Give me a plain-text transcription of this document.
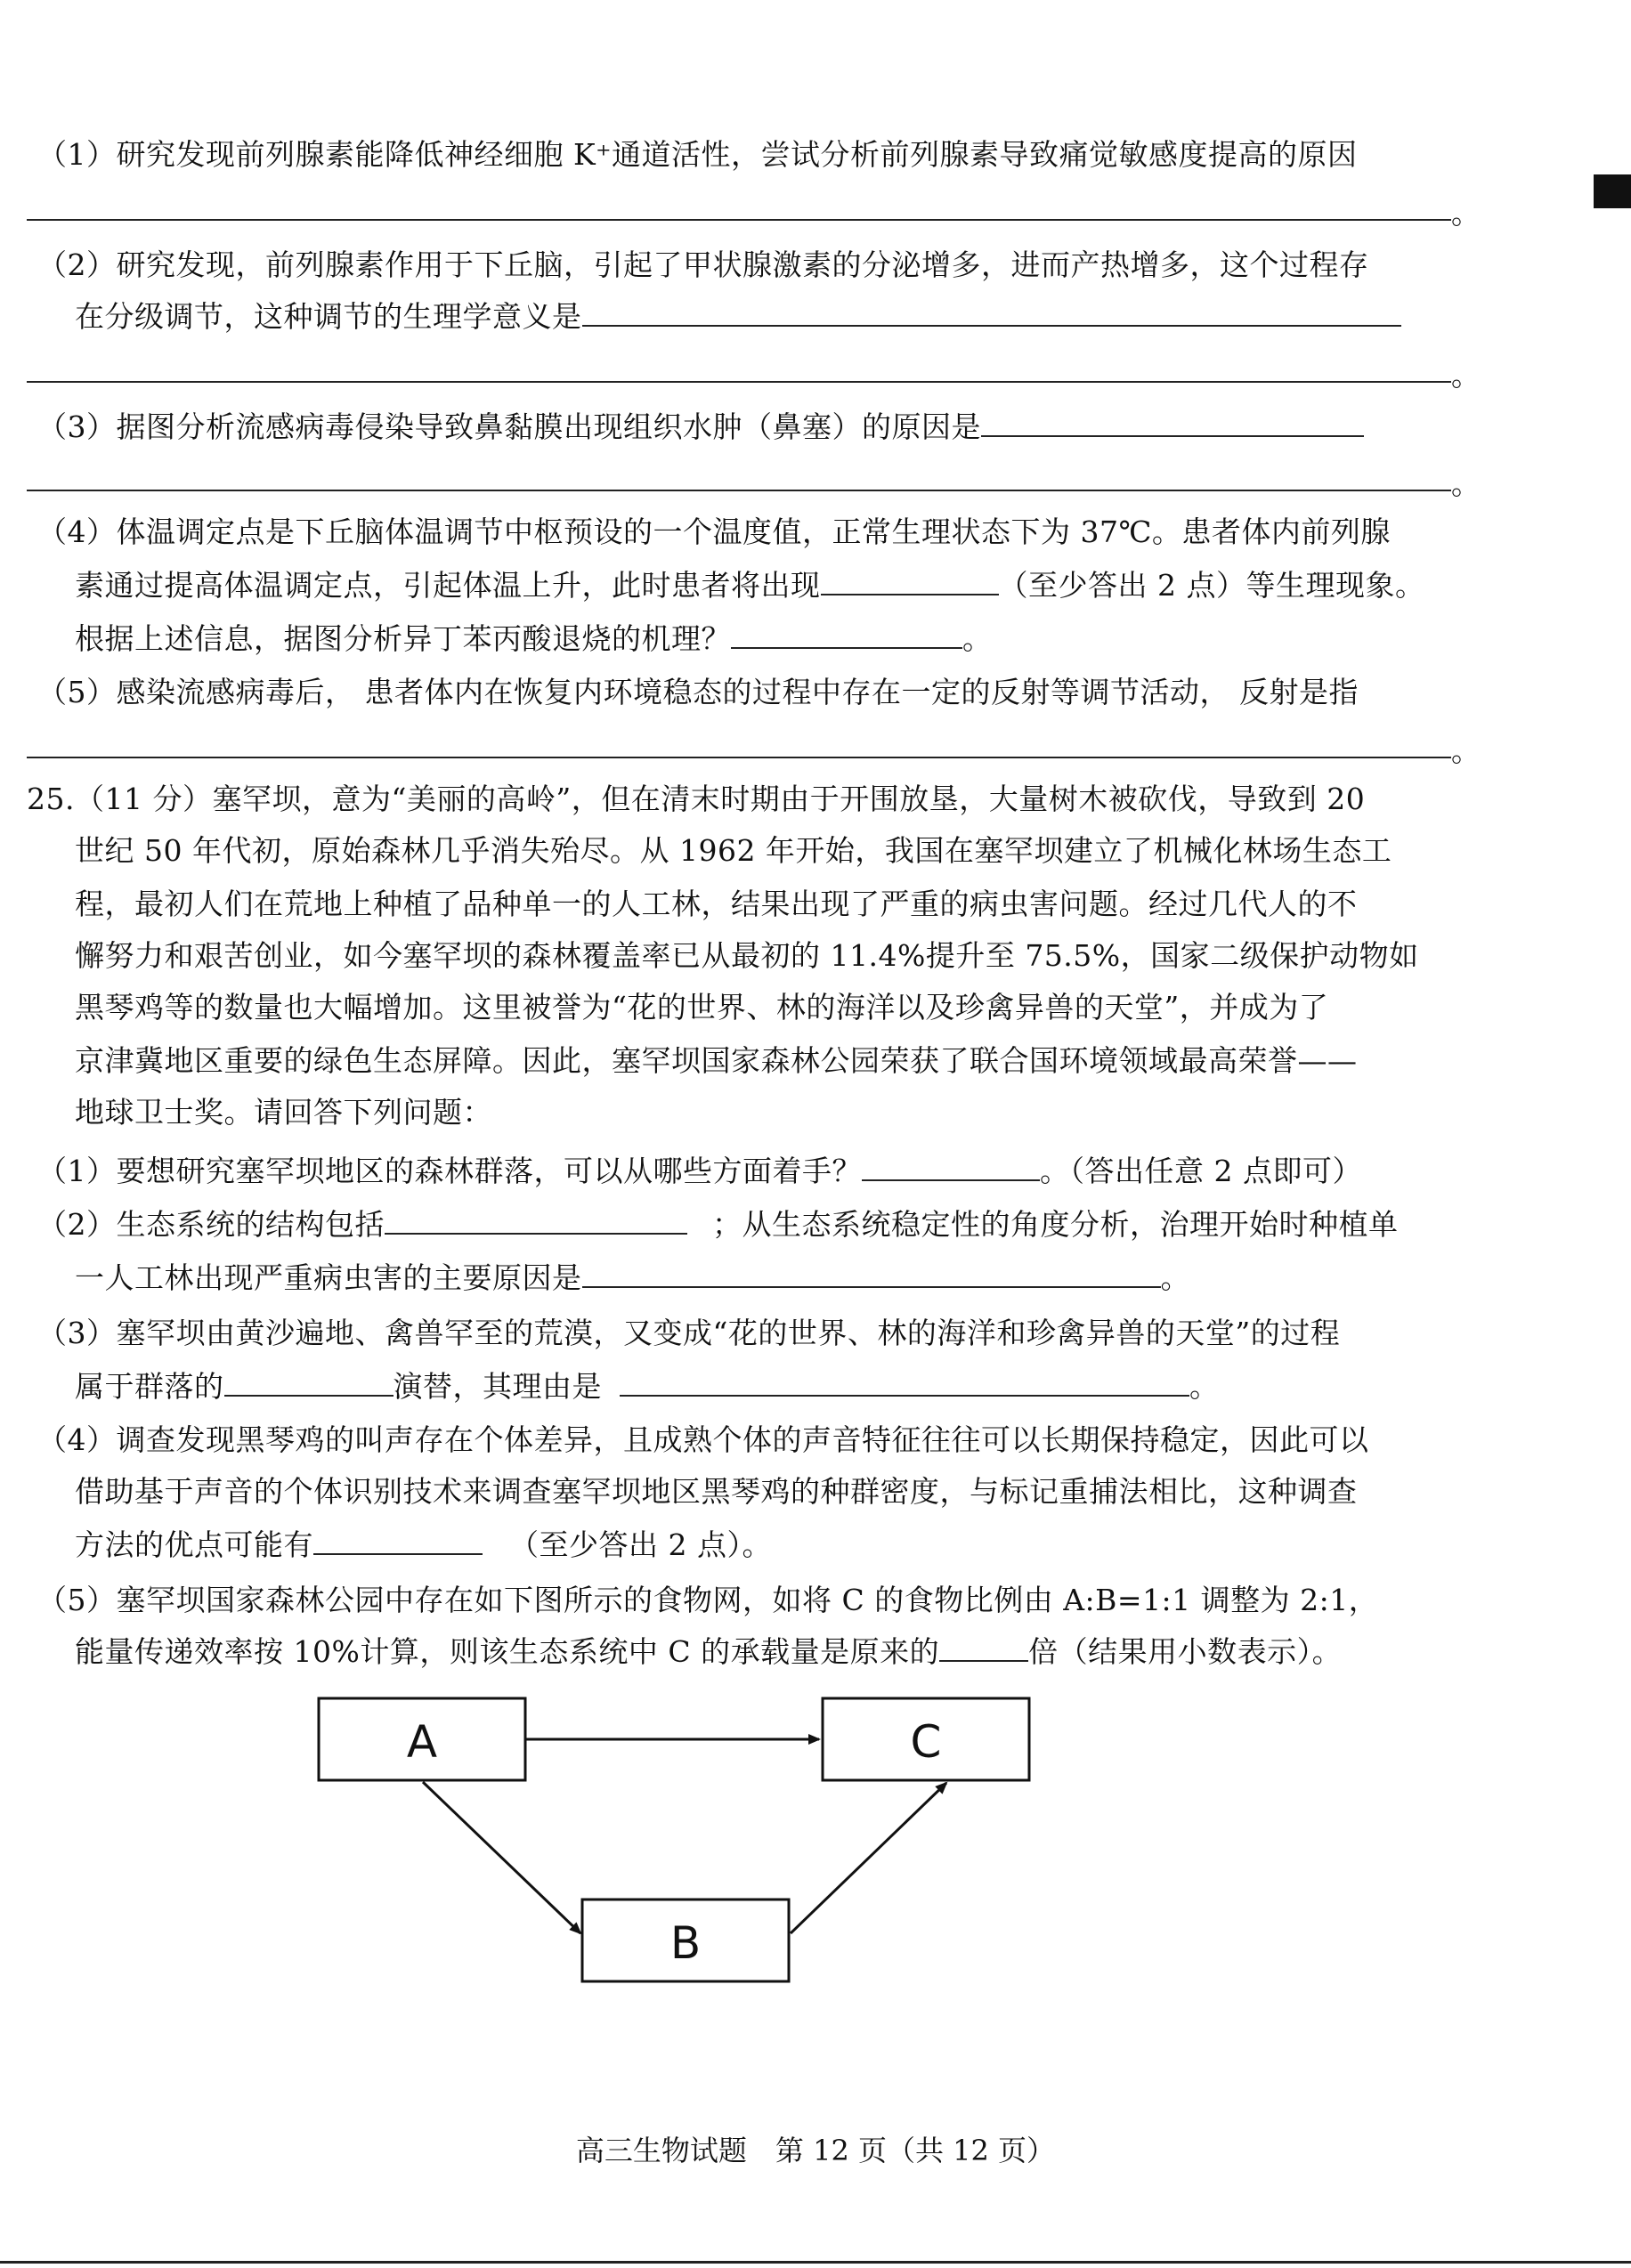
（1）研究发现前列腺素能降低神经细胞 K⁺通道活性，尝试分析前列腺素导致痛觉敏感度提高的原因
。
（2）研究发现，前列腺素作用于下丘脑，引起了甲状腺激素的分泌增多，进而产热增多，这个过程存
在分级调节，这种调节的生理学意义是
。
（3）据图分析流感病毒侵染导致鼻黏膜出现组织水肿（鼻塞）的原因是
。
（4）体温调定点是下丘脑体温调节中枢预设的一个温度值，正常生理状态下为 37℃。患者体内前列腺
素通过提高体温调定点，引起体温上升，此时患者将出现	（至少答出 2 点）等生理现象。
根据上述信息，据图分析异丁苯丙酸退烧的机理？	。
（5）感染流感病毒后， 患者体内在恢复内环境稳态的过程中存在一定的反射等调节活动， 反射是指
。
25.（11 分）塞罕坝，意为“美丽的高岭”，但在清末时期由于开围放垦，大量树木被砍伐，导致到 20
世纪 50 年代初，原始森林几乎消失殆尽。从 1962 年开始，我国在塞罕坝建立了机械化林场生态工
程，最初人们在荒地上种植了品种单一的人工林，结果出现了严重的病虫害问题。经过几代人的不
懈努力和艰苦创业，如今塞罕坝的森林覆盖率已从最初的 11.4%提升至 75.5%，国家二级保护动物如
黑琴鸡等的数量也大幅增加。这里被誉为“花的世界、林的海洋以及珍禽异兽的天堂”，并成为了
京津冀地区重要的绿色生态屏障。因此，塞罕坝国家森林公园荣获了联合国环境领域最高荣誉——
地球卫士奖。请回答下列问题：
（1）要想研究塞罕坝地区的森林群落，可以从哪些方面着手？	。（答出任意 2 点即可）
（2）生态系统的结构包括	；从生态系统稳定性的角度分析，治理开始时种植单
一人工林出现严重病虫害的主要原因是	。
（3）塞罕坝由黄沙遍地、禽兽罕至的荒漠，又变成“花的世界、林的海洋和珍禽异兽的天堂”的过程
属于群落的	演替，其理由是	。
（4）调查发现黑琴鸡的叫声存在个体差异，且成熟个体的声音特征往往可以长期保持稳定，因此可以
借助基于声音的个体识别技术来调查塞罕坝地区黑琴鸡的种群密度，与标记重捕法相比，这种调查
方法的优点可能有	（至少答出 2 点）。
（5）塞罕坝国家森林公园中存在如下图所示的食物网，如将 C 的食物比例由 A:B=1:1 调整为 2:1，
能量传递效率按 10%计算，则该生态系统中 C 的承载量是原来的	倍（结果用小数表示）。
A	C
B
高三生物试题　第 12 页（共 12 页）
